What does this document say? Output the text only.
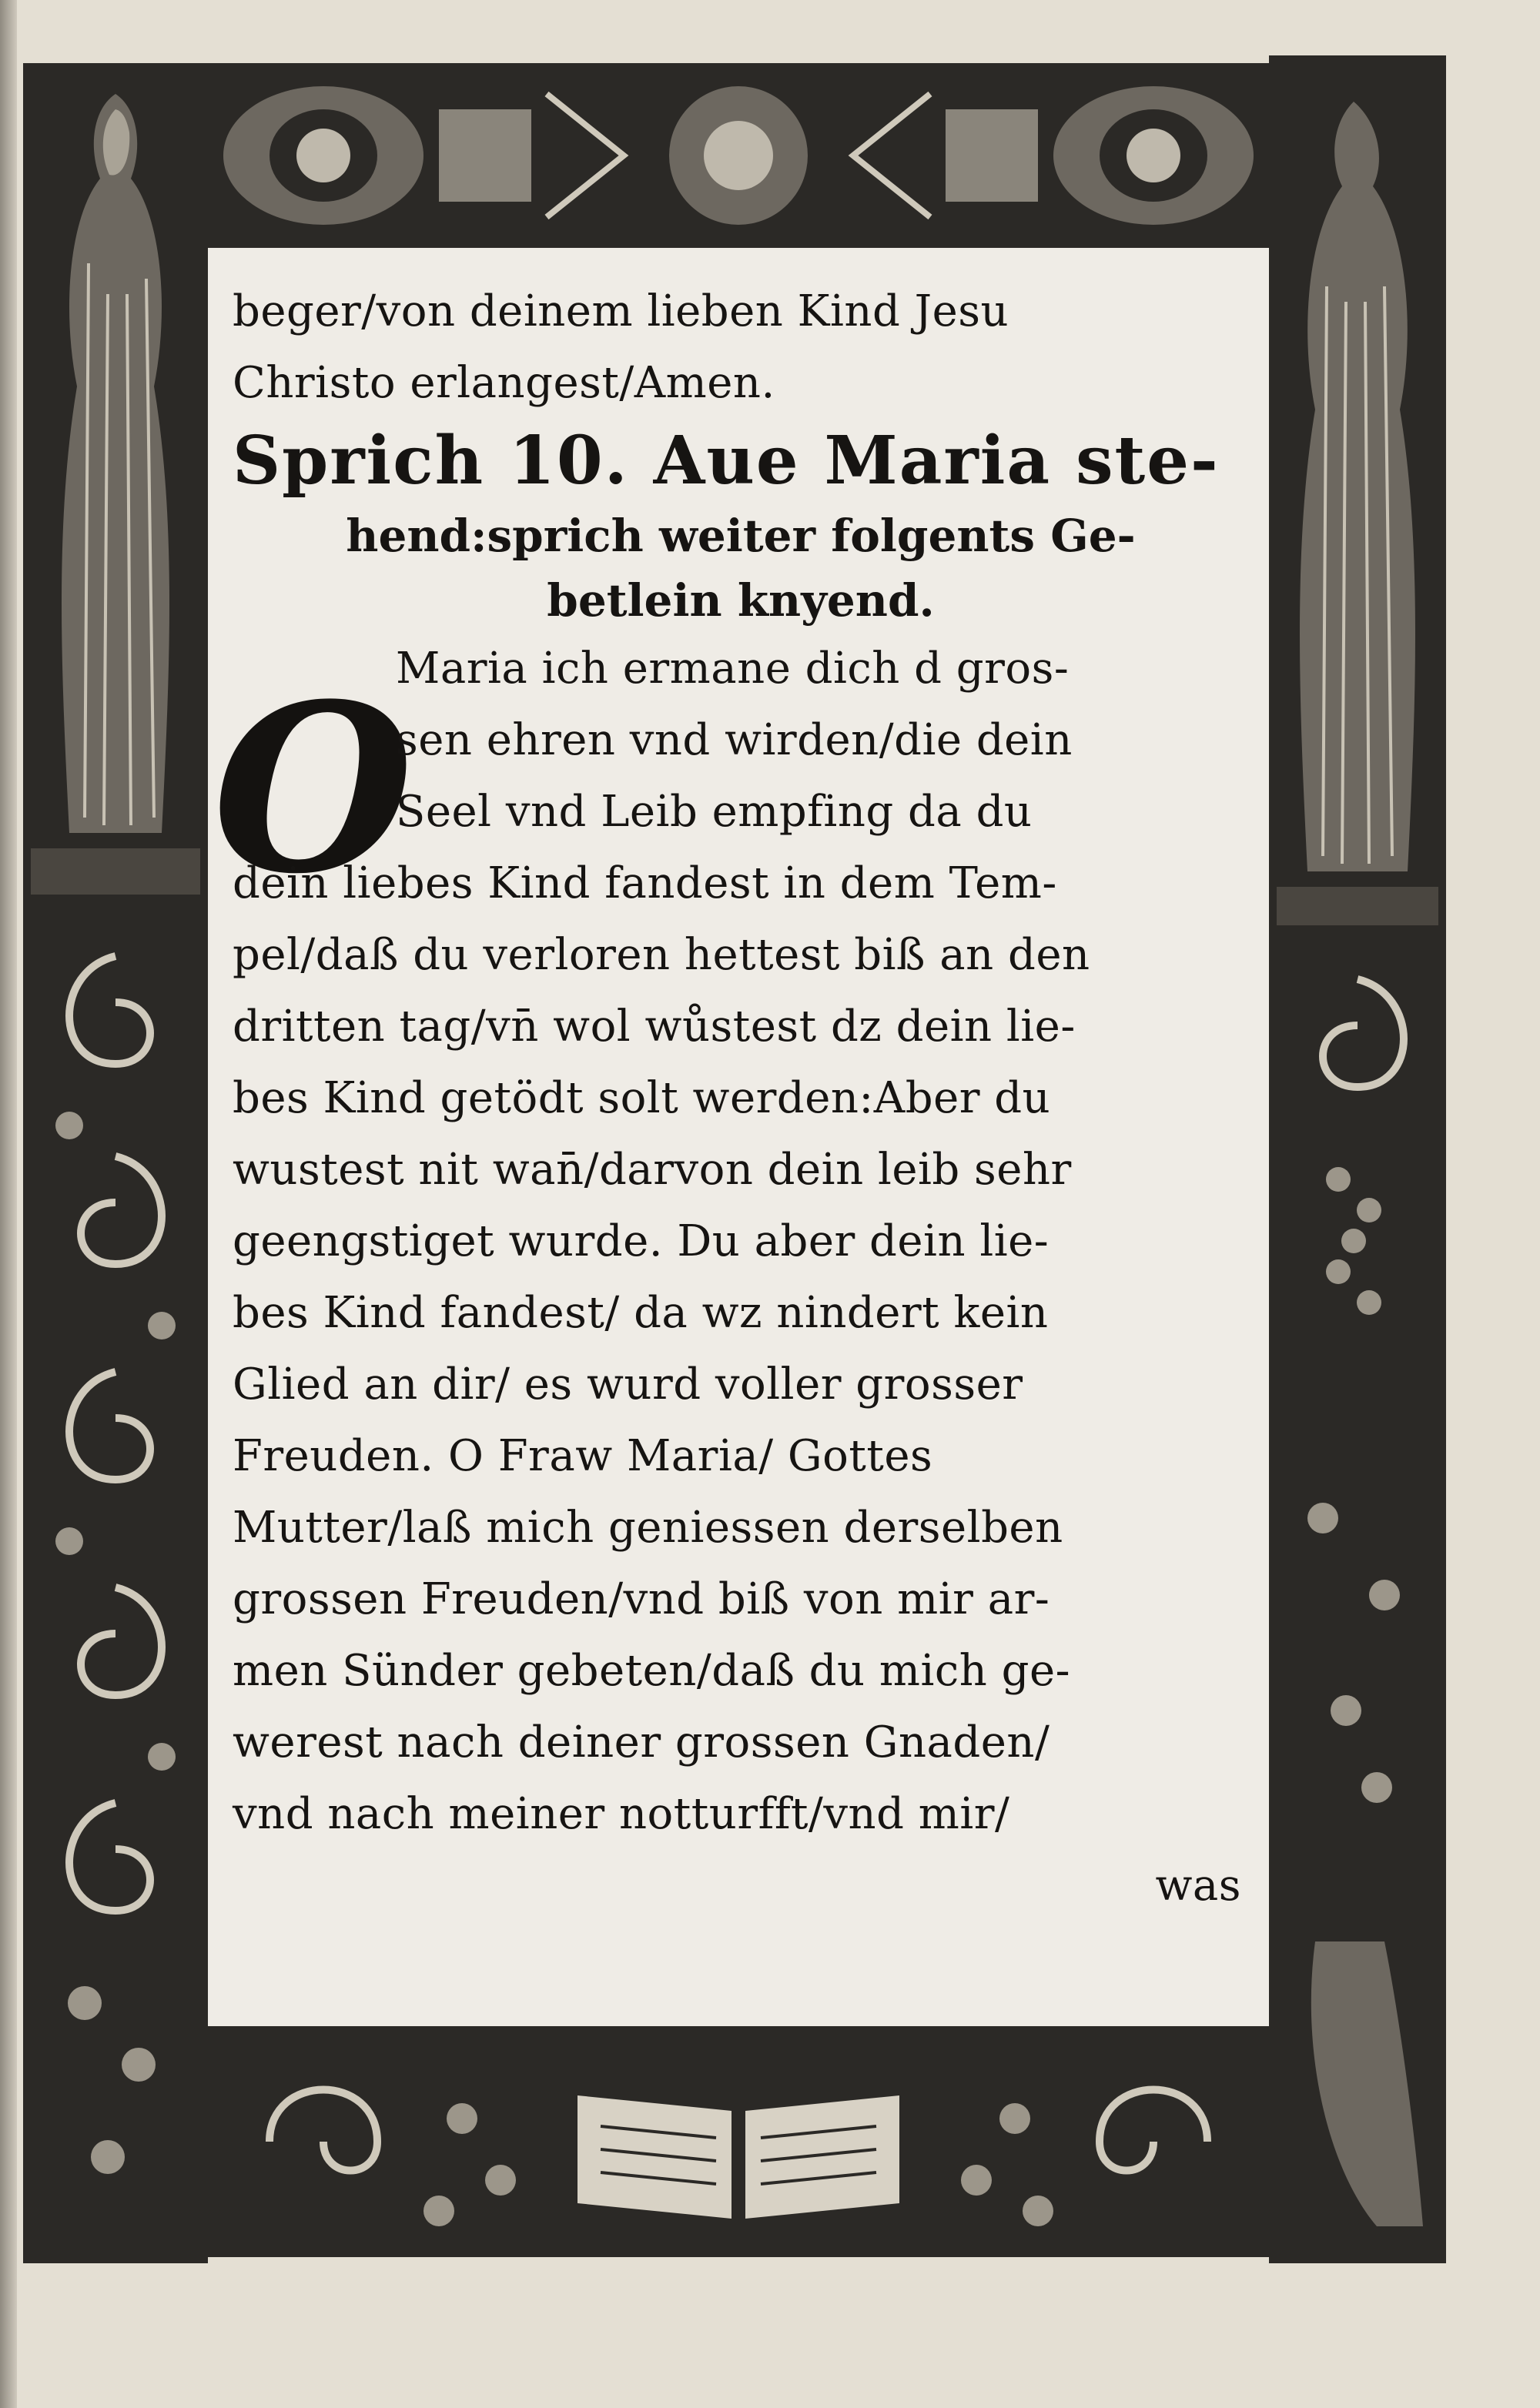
O
beger/von deinem lieben Kind Jesu
Christo erlangest/Amen.
Sprich 10. Aue Maria ste-
hend:sprich weiter folgents Ge-
betlein knyend.
Maria ich ermane dich d gros-
sen ehren vnd wirden/die dein
Seel vnd Leib empfing da du
dein liebes Kind fandest in dem Tem-
pel/daß du verloren hettest biß an den
dritten tag/vn̄ wol wůstest dz dein lie-
bes Kind getödt solt werden:Aber du
wustest nit wan̄/darvon dein leib sehr
geengstiget wurde. Du aber dein lie-
bes Kind fandest/ da wz nindert kein
Glied an dir/ es wurd voller grosser
Freuden. O Fraw Maria/ Gottes
Mutter/laß mich geniessen derselben
grossen Freuden/vnd biß von mir ar-
men Sünder gebeten/daß du mich ge-
werest nach deiner grossen Gnaden/
vnd nach meiner notturfft/vnd mir/
was
